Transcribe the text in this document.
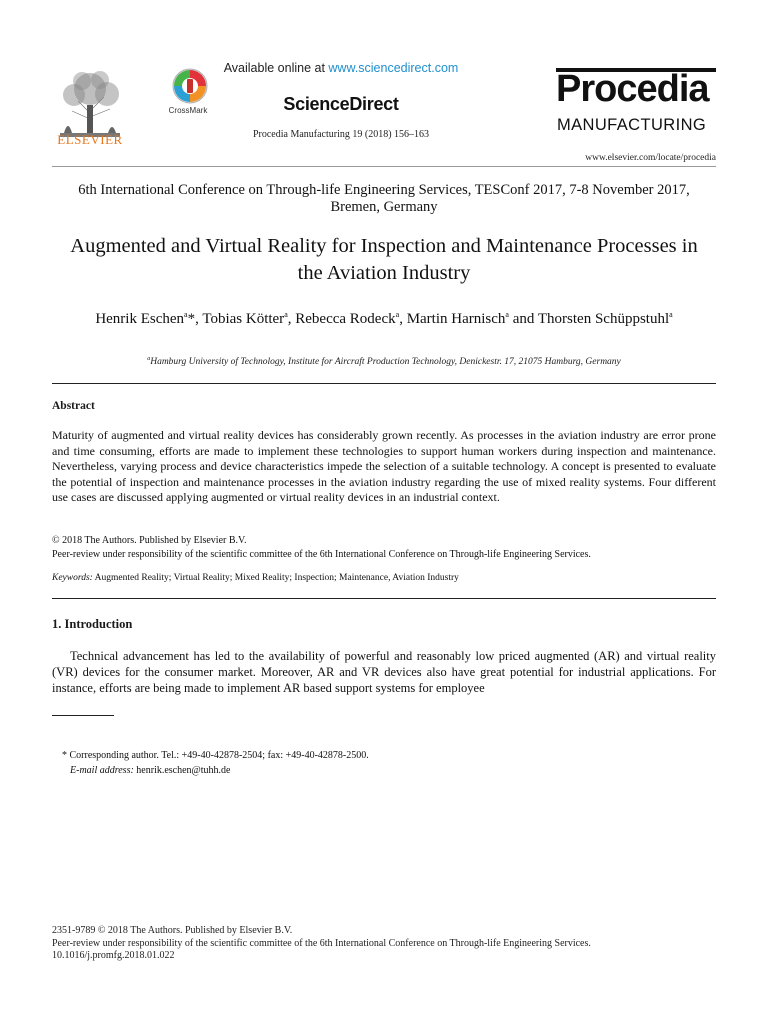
ELSEVIER
CrossMark
Available online at www.sciencedirect.com
ScienceDirect
Procedia Manufacturing 19 (2018) 156–163
Procedia
MANUFACTURING
www.elsevier.com/locate/procedia
6th International Conference on Through-life Engineering Services, TESConf 2017, 7-8 November 2017, Bremen, Germany
Augmented and Virtual Reality for Inspection and Maintenance Processes in the Aviation Industry
Henrik Eschen$^a$*, Tobias Kötter$^a$, Rebecca Rodeck$^a$, Martin Harnisch$^a$ and Thorsten Schüppstuhl$^a$
$^a$Hamburg University of Technology, Institute for Aircraft Production Technology, Denickestr. 17, 21075 Hamburg, Germany
Abstract
Maturity of augmented and virtual reality devices has considerably grown recently. As processes in the aviation industry are error prone and time consuming, efforts are made to implement these technologies to support human workers during inspection and maintenance. Nevertheless, varying process and device characteristics impede the selection of a suitable technology. A concept is presented to evaluate the potential of inspection and maintenance processes in the aviation industry regarding the use of mixed reality systems. Four different use cases are discussed applying augmented or virtual reality devices in an industrial context.
© 2018 The Authors. Published by Elsevier B.V.
Peer-review under responsibility of the scientific committee of the 6th International Conference on Through-life Engineering Services.
Keywords: Augmented Reality; Virtual Reality; Mixed Reality; Inspection; Maintenance, Aviation Industry
1. Introduction
Technical advancement has led to the availability of powerful and reasonably low priced augmented (AR) and virtual reality (VR) devices for the consumer market. Moreover, AR and VR devices also have great potential for industrial applications. For instance, efforts are being made to implement AR based support systems for employee
* Corresponding author. Tel.: +49-40-42878-2504; fax: +49-40-42878-2500.
E-mail address: henrik.eschen@tuhh.de
2351-9789 © 2018 The Authors. Published by Elsevier B.V.
Peer-review under responsibility of the scientific committee of the 6th International Conference on Through-life Engineering Services.
10.1016/j.promfg.2018.01.022
